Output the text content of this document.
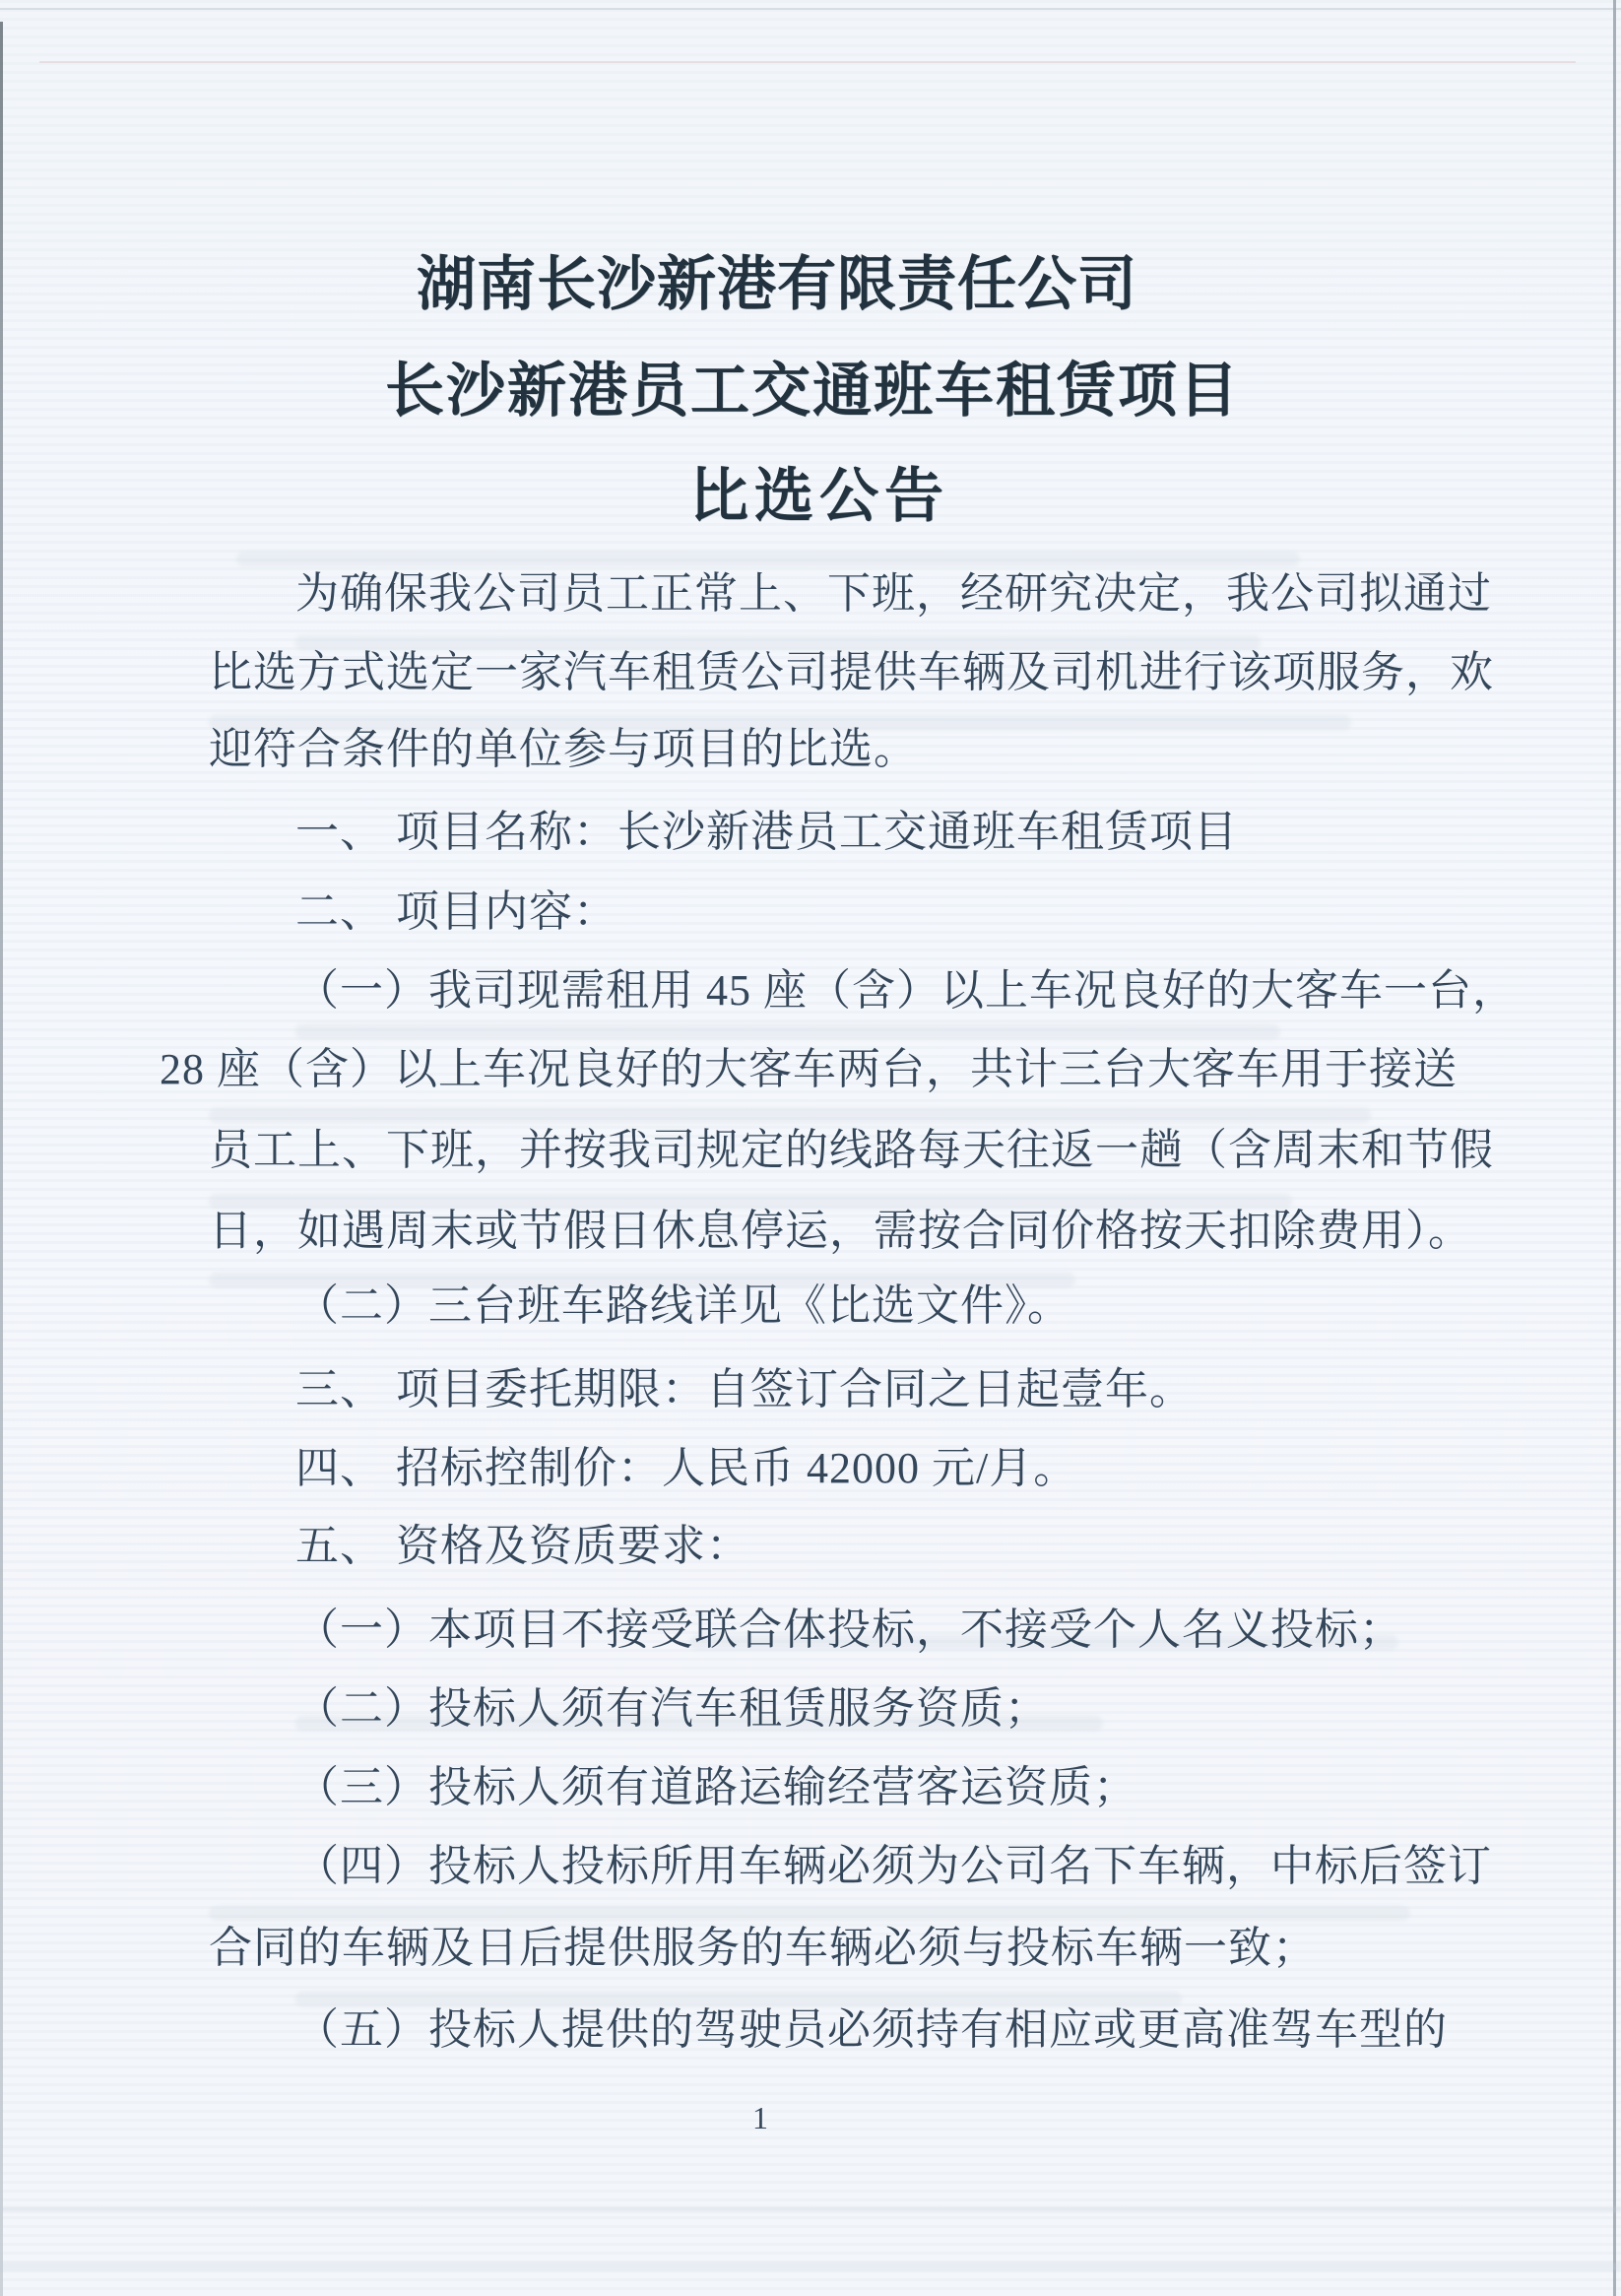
湖南长沙新港有限责任公司
长沙新港员工交通班车租赁项目
比选公告
为确保我公司员工正常上、下班，经研究决定，我公司拟通过
比选方式选定一家汽车租赁公司提供车辆及司机进行该项服务，欢
迎符合条件的单位参与项目的比选。
一、 项目名称：长沙新港员工交通班车租赁项目
二、 项目内容：
（一）我司现需租用 45 座（含）以上车况良好的大客车一台，
28 座（含）以上车况良好的大客车两台，共计三台大客车用于接送
员工上、下班，并按我司规定的线路每天往返一趟（含周末和节假
日，如遇周末或节假日休息停运，需按合同价格按天扣除费用）。
（二）三台班车路线详见《比选文件》。
三、 项目委托期限：自签订合同之日起壹年。
四、 招标控制价：人民币 42000 元/月。
五、 资格及资质要求：
（一）本项目不接受联合体投标，不接受个人名义投标；
（二）投标人须有汽车租赁服务资质；
（三）投标人须有道路运输经营客运资质；
（四）投标人投标所用车辆必须为公司名下车辆，中标后签订
合同的车辆及日后提供服务的车辆必须与投标车辆一致；
（五）投标人提供的驾驶员必须持有相应或更高准驾车型的
1
